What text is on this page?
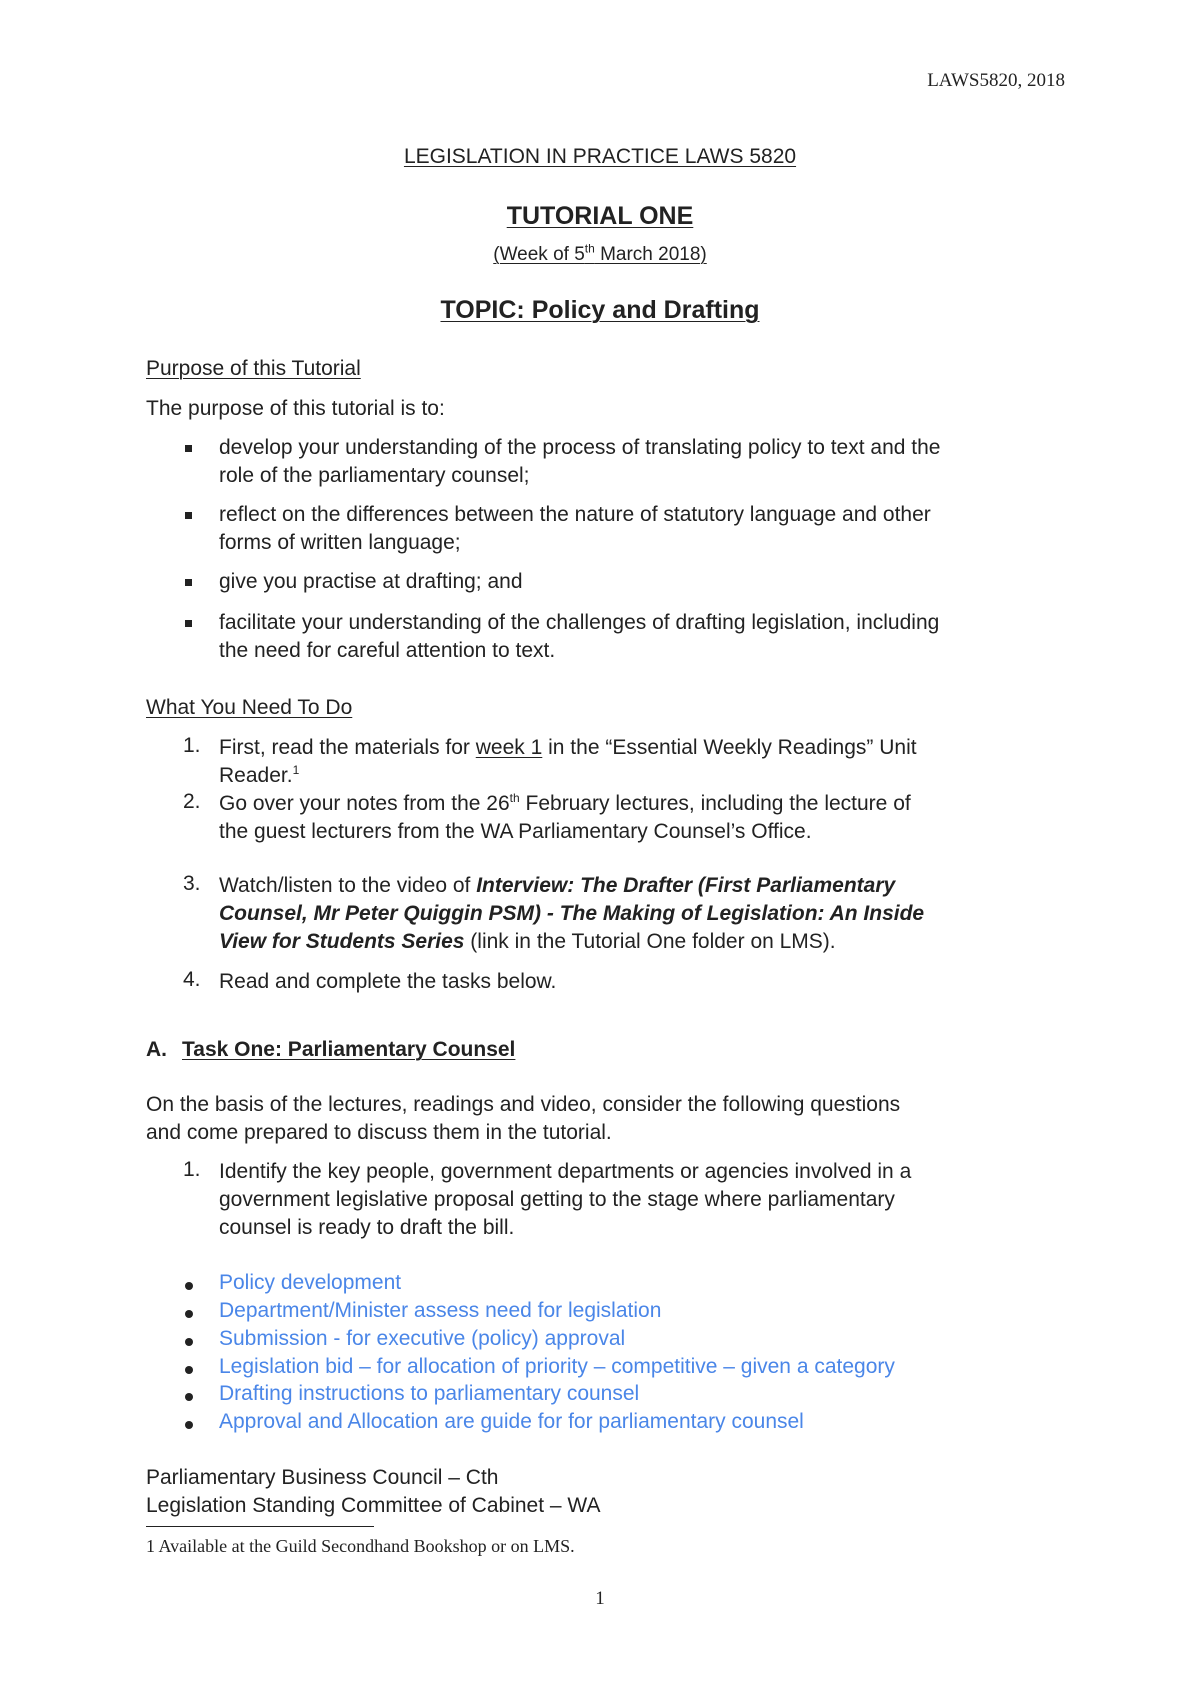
LAWS5820, 2018
LEGISLATION IN PRACTICE LAWS 5820
TUTORIAL ONE
(Week of 5th March 2018)
TOPIC: Policy and Drafting
Purpose of this Tutorial
The purpose of this tutorial is to:
develop your understanding of the process of translating policy to text and the
role of the parliamentary counsel;
reflect on the differences between the nature of statutory language and other
forms of written language;
give you practise at drafting; and
facilitate your understanding of the challenges of drafting legislation, including
the need for careful attention to text.
What You Need To Do
1. First, read the materials for week 1 in the “Essential Weekly Readings” Unit
Reader.$^1$
2. Go over your notes from the 26th February lectures, including the lecture of
the guest lecturers from the WA Parliamentary Counsel’s Office.
3. Watch/listen to the video of Interview: The Drafter (First Parliamentary
Counsel, Mr Peter Quiggin PSM) - The Making of Legislation: An Inside
View for Students Series (link in the Tutorial One folder on LMS).
4. Read and complete the tasks below.
A. Task One: Parliamentary Counsel
On the basis of the lectures, readings and video, consider the following questions
and come prepared to discuss them in the tutorial.
1. Identify the key people, government departments or agencies involved in a
government legislative proposal getting to the stage where parliamentary
counsel is ready to draft the bill.
Policy development
Department/Minister assess need for legislation
Submission - for executive (policy) approval
Legislation bid – for allocation of priority – competitive – given a category
Drafting instructions to parliamentary counsel
Approval and Allocation are guide for for parliamentary counsel
Parliamentary Business Council – Cth
Legislation Standing Committee of Cabinet – WA
1 Available at the Guild Secondhand Bookshop or on LMS.
1
